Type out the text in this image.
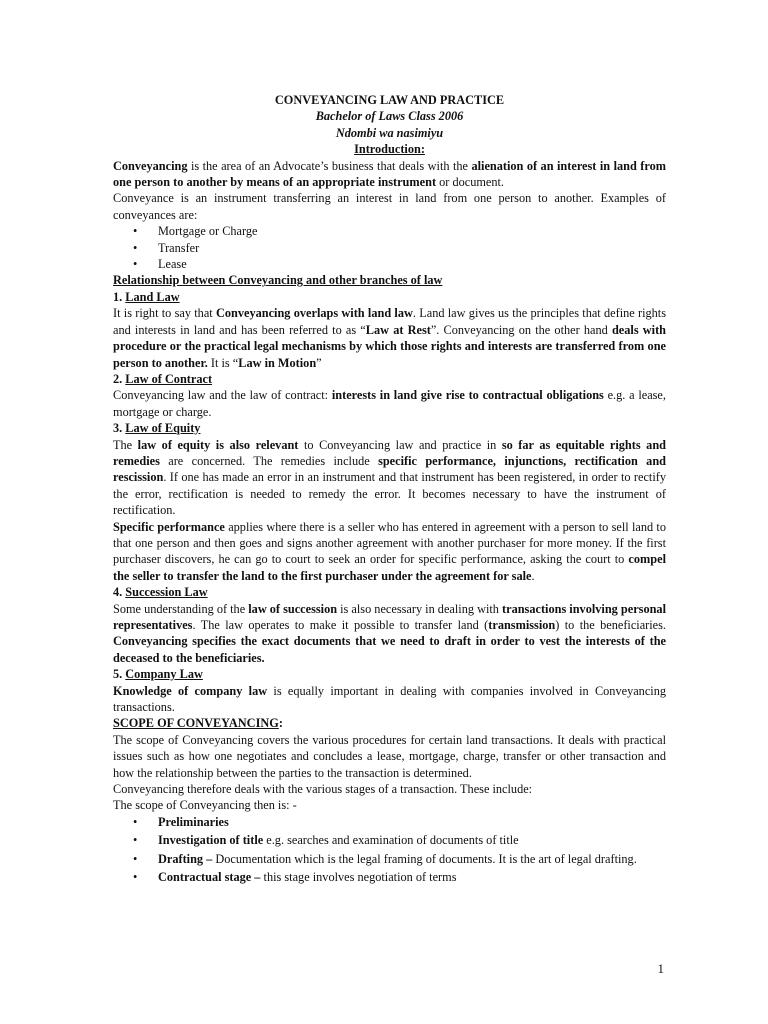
CONVEYANCING LAW AND PRACTICE
Bachelor of Laws Class 2006
Ndombi wa nasimiyu
Introduction:

Conveyancing is the area of an Advocate’s business that deals with the alienation of an interest in land from one person to another by means of an appropriate instrument or document.

Conveyance is an instrument transferring an interest in land from one person to another. Examples of conveyances are:

• Mortgage or Charge
• Transfer
• Lease
Relationship between Conveyancing and other branches of law
1. Land Law

It is right to say that Conveyancing overlaps with land law. Land law gives us the principles that define rights and interests in land and has been referred to as “Law at Rest”. Conveyancing on the other hand deals with procedure or the practical legal mechanisms by which those rights and interests are transferred from one person to another. It is “Law in Motion”

2. Law of Contract

Conveyancing law and the law of contract: interests in land give rise to contractual obligations e.g. a lease, mortgage or charge.

3. Law of Equity

The law of equity is also relevant to Conveyancing law and practice in so far as equitable rights and remedies are concerned. The remedies include specific performance, injunctions, rectification and rescission. If one has made an error in an instrument and that instrument has been registered, in order to rectify the error, rectification is needed to remedy the error. It becomes necessary to have the instrument of rectification.

Specific performance applies where there is a seller who has entered in agreement with a person to sell land to that one person and then goes and signs another agreement with another purchaser for more money. If the first purchaser discovers, he can go to court to seek an order for specific performance, asking the court to compel the seller to transfer the land to the first purchaser under the agreement for sale.

4. Succession Law

Some understanding of the law of succession is also necessary in dealing with transactions involving personal representatives. The law operates to make it possible to transfer land (transmission) to the beneficiaries. Conveyancing specifies the exact documents that we need to draft in order to vest the interests of the deceased to the beneficiaries.

5. Company Law

Knowledge of company law is equally important in dealing with companies involved in Conveyancing transactions.

SCOPE OF CONVEYANCING:

The scope of Conveyancing covers the various procedures for certain land transactions. It deals with practical issues such as how one negotiates and concludes a lease, mortgage, charge, transfer or other transaction and how the relationship between the parties to the transaction is determined.

Conveyancing therefore deals with the various stages of a transaction. These include:

The scope of Conveyancing then is: -

• Preliminaries
• Investigation of title e.g. searches and examination of documents of title
• Drafting – Documentation which is the legal framing of documents. It is the art of legal drafting.
• Contractual stage – this stage involves negotiation of terms
1
